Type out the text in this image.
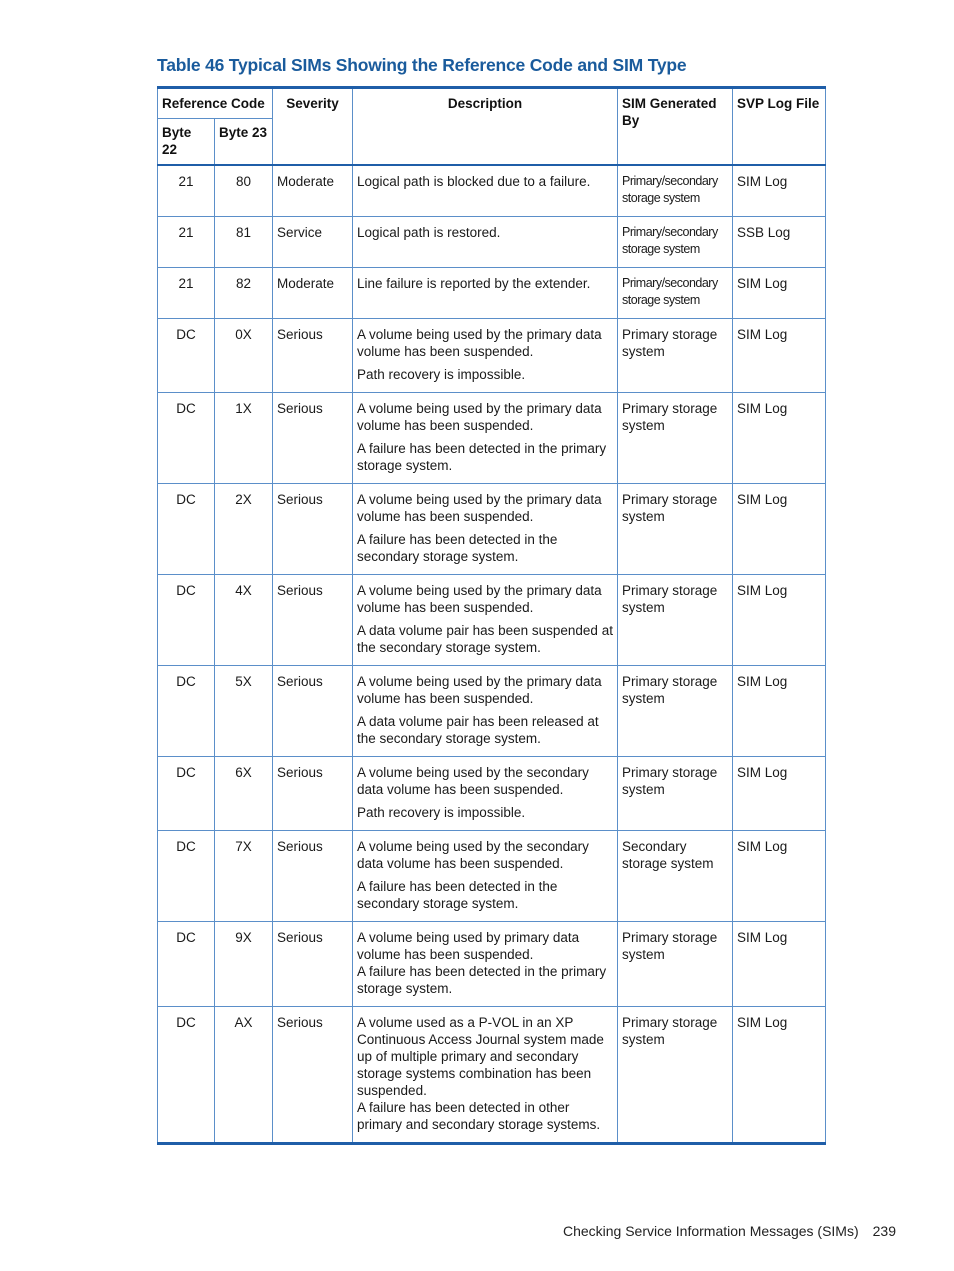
Table 46 Typical SIMs Showing the Reference Code and SIM Type
Reference Code		Severity	Description	SIM Generated By	SVP Log File
Byte 22	Byte 23				
21	80	Moderate	Logical path is blocked due to a failure.	Primary/secondary storage system	SIM Log
21	81	Service	Logical path is restored.	Primary/secondary storage system	SSB Log
21	82	Moderate	Line failure is reported by the extender.	Primary/secondary storage system	SIM Log
DC	0X	Serious	A volume being used by the primary data volume has been suspended.

Path recovery is impossible.	Primary storage system	SIM Log
DC	1X	Serious	A volume being used by the primary data volume has been suspended.

A failure has been detected in the primary storage system.	Primary storage system	SIM Log
DC	2X	Serious	A volume being used by the primary data volume has been suspended.

A failure has been detected in the secondary storage system.	Primary storage system	SIM Log
DC	4X	Serious	A volume being used by the primary data volume has been suspended.

A data volume pair has been suspended at the secondary storage system.	Primary storage system	SIM Log
DC	5X	Serious	A volume being used by the primary data volume has been suspended.

A data volume pair has been released at the secondary storage system.	Primary storage system	SIM Log
DC	6X	Serious	A volume being used by the secondary data volume has been suspended.

Path recovery is impossible.	Primary storage system	SIM Log
DC	7X	Serious	A volume being used by the secondary data volume has been suspended.

A failure has been detected in the secondary storage system.	Secondary storage system	SIM Log
DC	9X	Serious	A volume being used by primary data volume has been suspended.

A failure has been detected in the primary storage system.	Primary storage system	SIM Log
DC	AX	Serious	A volume used as a P-VOL in an XP Continuous Access Journal system made up of multiple primary and secondary storage systems combination has been suspended.

A failure has been detected in other primary and secondary storage systems.	Primary storage system	SIM Log
Checking Service Information Messages (SIMs) 239
